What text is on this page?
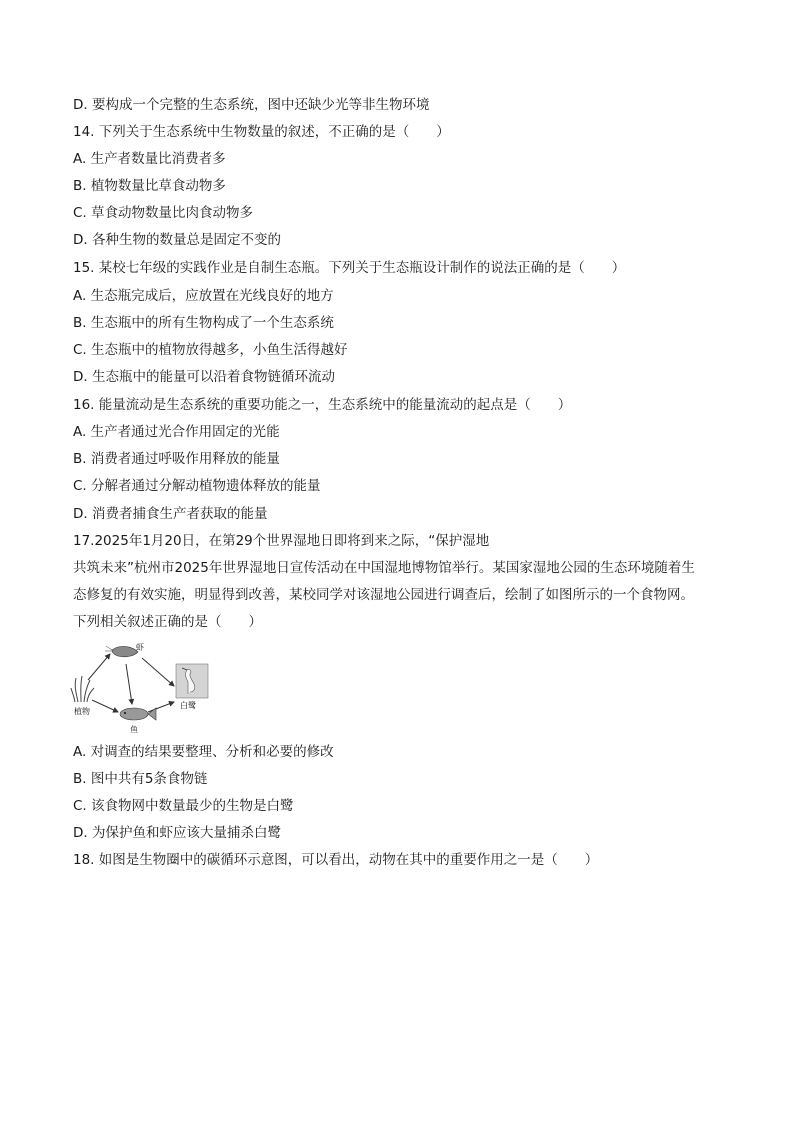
D. 要构成一个完整的生态系统，图中还缺少光等非生物环境
14. 下列关于生态系统中生物数量的叙述，不正确的是（　　）
A. 生产者数量比消费者多
B. 植物数量比草食动物多
C. 草食动物数量比肉食动物多
D. 各种生物的数量总是固定不变的
15. 某校七年级的实践作业是自制生态瓶。下列关于生态瓶设计制作的说法正确的是（　　）
A. 生态瓶完成后，应放置在光线良好的地方
B. 生态瓶中的所有生物构成了一个生态系统
C. 生态瓶中的植物放得越多，小鱼生活得越好
D. 生态瓶中的能量可以沿着食物链循环流动
16. 能量流动是生态系统的重要功能之一，生态系统中的能量流动的起点是（　　）
A. 生产者通过光合作用固定的光能
B. 消费者通过呼吸作用释放的能量
C. 分解者通过分解动植物遗体释放的能量
D. 消费者捕食生产者获取的能量
17.2025年1月20日，在第29个世界湿地日即将到来之际，“保护湿地
共筑未来”杭州市2025年世界湿地日宣传活动在中国湿地博物馆举行。某国家湿地公园的生态环境随着生
态修复的有效实施，明显得到改善，某校同学对该湿地公园进行调查后，绘制了如图所示的一个食物网。
下列相关叙述正确的是（　　）
虾
植物
鱼
白鹭
A. 对调查的结果要整理、分析和必要的修改
B. 图中共有5条食物链
C. 该食物网中数量最少的生物是白鹭
D. 为保护鱼和虾应该大量捕杀白鹭
18. 如图是生物圈中的碳循环示意图，可以看出，动物在其中的重要作用之一是（　　）
